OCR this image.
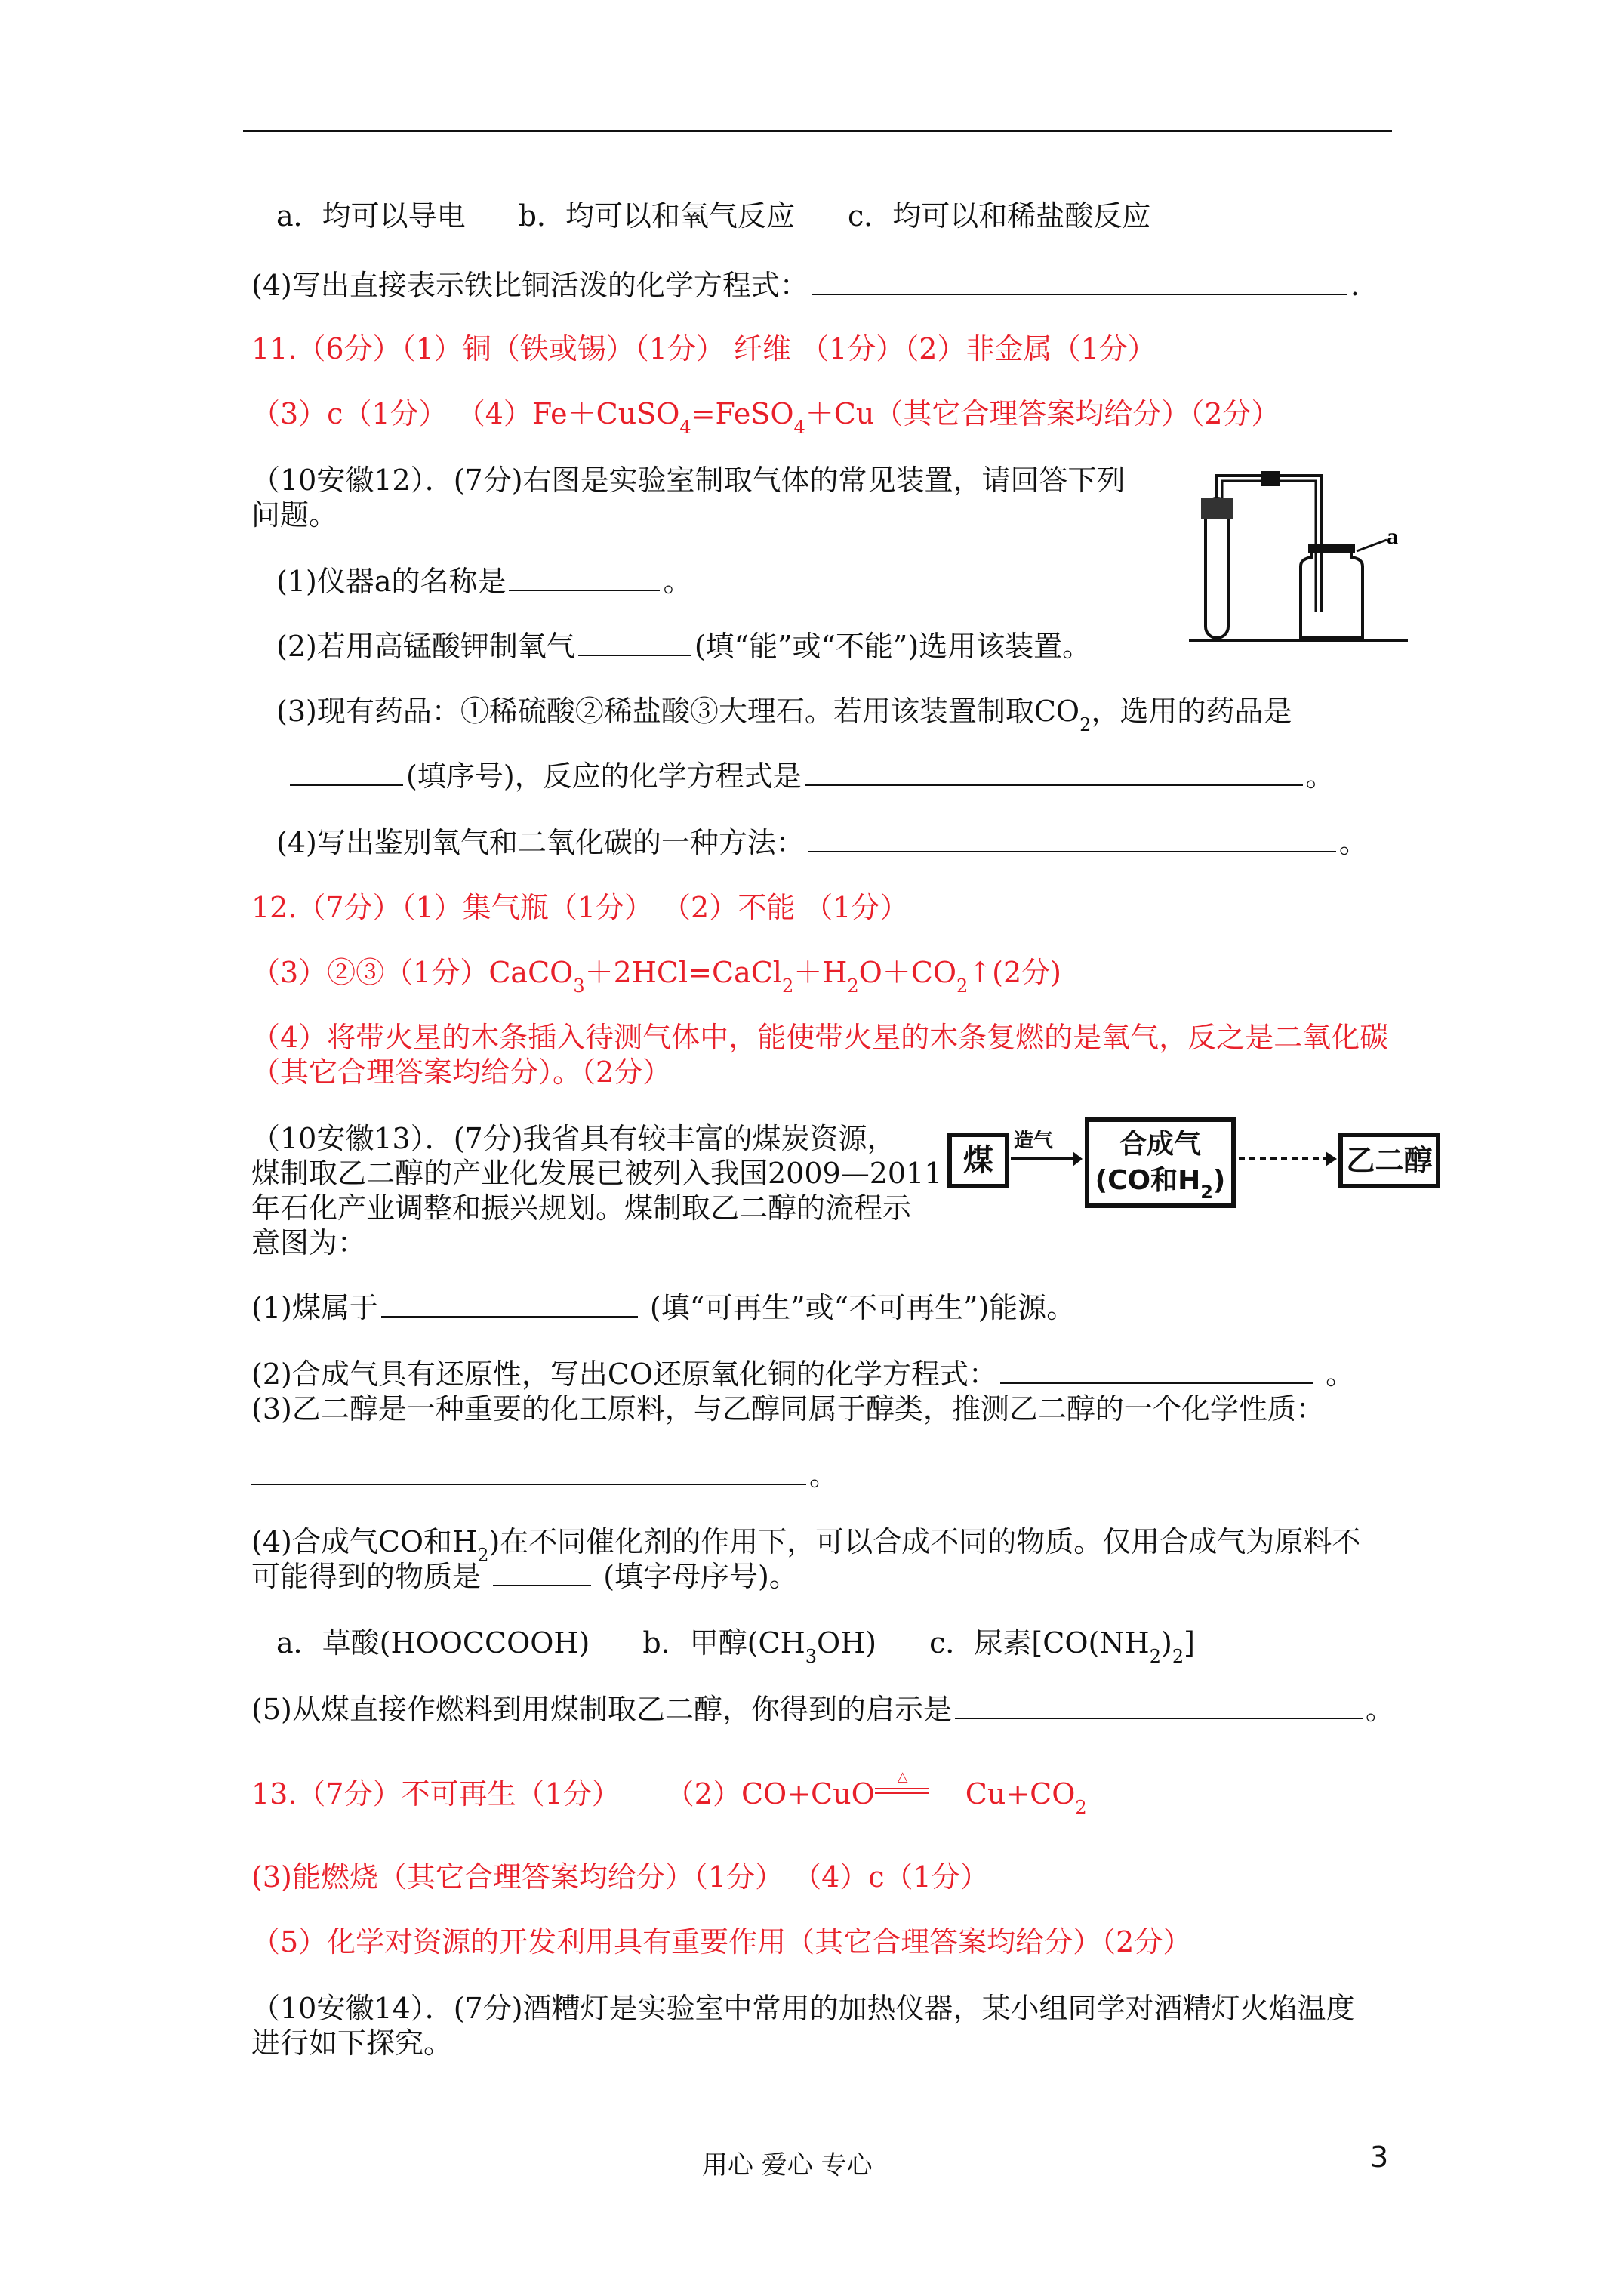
a．均可以导电 b．均可以和氧气反应 c．均可以和稀盐酸反应
(4)写出直接表示铁比铜活泼的化学方程式：	.
11.（6分）（1）铜（铁或锡）（1分） 纤维 （1分）（2）非金属（1分）
（3）c（1分） （4）Fe＋CuSO$_4$=FeSO$_4$＋Cu（其它合理答案均给分）（2分）
（10安徽12）．(7分)右图是实验室制取气体的常见装置，请回答下列
问题。
(1)仪器a的名称是	。
(2)若用高锰酸钾制氧气	(填“能”或“不能”)选用该装置。
(3)现有药品：①稀硫酸②稀盐酸③大理石。若用该装置制取$CO_2$，选用的药品是
(填序号)，反应的化学方程式是	。
(4)写出鉴别氧气和二氧化碳的一种方法：	。
a
12.（7分）（1）集气瓶（1分） （2）不能 （1分）
（3）②③（1分）$CaCO_3+2HCl=CaCl_2+H_2O+CO_2↑(2$分)
（4）将带火星的木条插入待测气体中，能使带火星的木条复燃的是氧气，反之是二氧化碳
（其它合理答案均给分）。（2分）
（10安徽13）．(7分)我省具有较丰富的煤炭资源，
煤制取乙二醇的产业化发展已被列入我国2009—2011
年石化产业调整和振兴规划。煤制取乙二醇的流程示
意图为：
煤
造气	合成气
(CO和$H_2$)
乙二醇
(1)煤属于	(填“可再生”或“不可再生”)能源。
(2)合成气具有还原性，写出CO还原氧化铜的化学方程式：	。
(3)乙二醇是一种重要的化工原料，与乙醇同属于醇类，推测乙二醇的一个化学性质：
。
(4)合成气CO和$H_2$)在不同催化剂的作用下，可以合成不同的物质。仅用合成气为原料不
可能得到的物质是	(填字母序号)。
a．草酸(HOOCCOOH) b．甲醇$(CH_3OH)$ c．尿素$[CO(NH_2)_2]$
(5)从煤直接作燃料到用煤制取乙二醇，你得到的启示是	。
13.（7分）不可再生（1分） （2）CO+CuO
△
$Cu+CO_2$
(3)能燃烧（其它合理答案均给分）（1分） （4）c（1分）
（5）化学对资源的开发利用具有重要作用（其它合理答案均给分）（2分）
（10安徽14）．(7分)酒糟灯是实验室中常用的加热仪器，某小组同学对酒精灯火焰温度
进行如下探究。
用心 爱心 专心	3
